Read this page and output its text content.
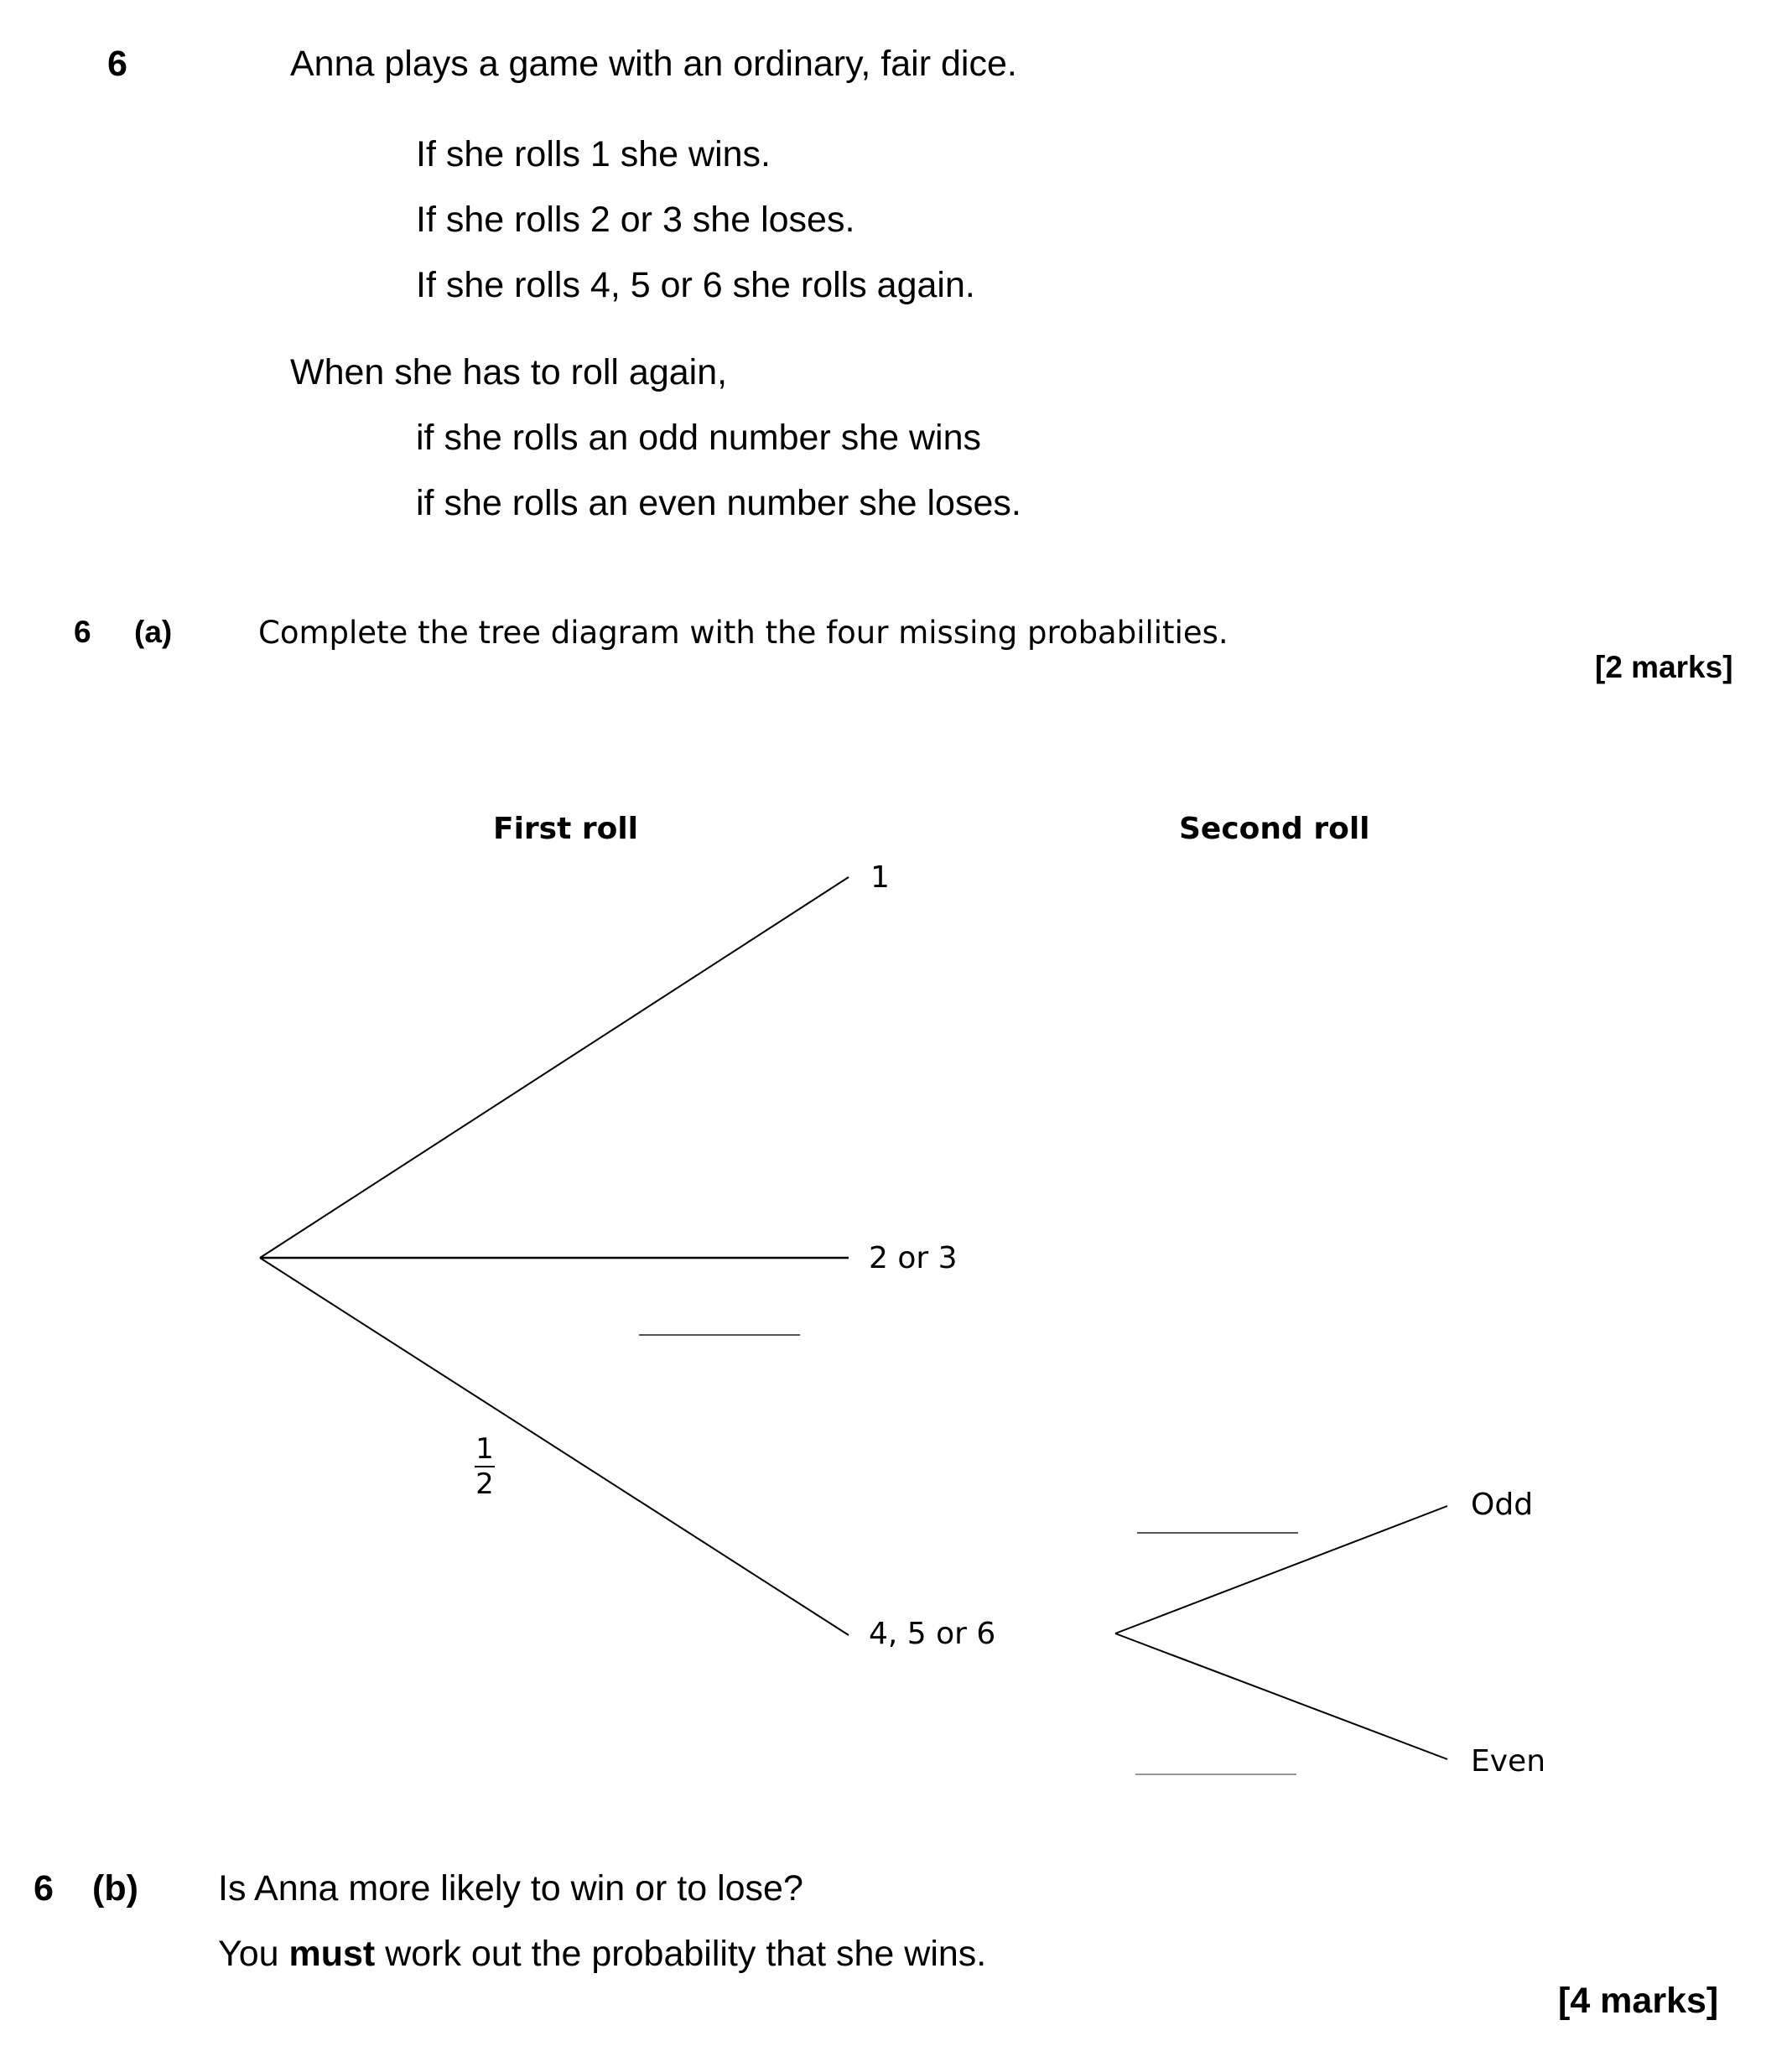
6	Anna plays a game with an ordinary, fair dice.
If she rolls 1 she wins.
If she rolls 2 or 3 she loses.
If she rolls 4, 5 or 6 she rolls again.
When she has to roll again,
if she rolls an odd number she wins
if she rolls an even number she loses.
6 (a)	Complete the tree diagram with the four missing probabilities.
[2 marks]
First roll	Second roll
1
2 or 3
4, 5 or 6
Odd
Even
1
2
6 (b) Is Anna more likely to win or to lose?
You must work out the probability that she wins.
[4 marks]
